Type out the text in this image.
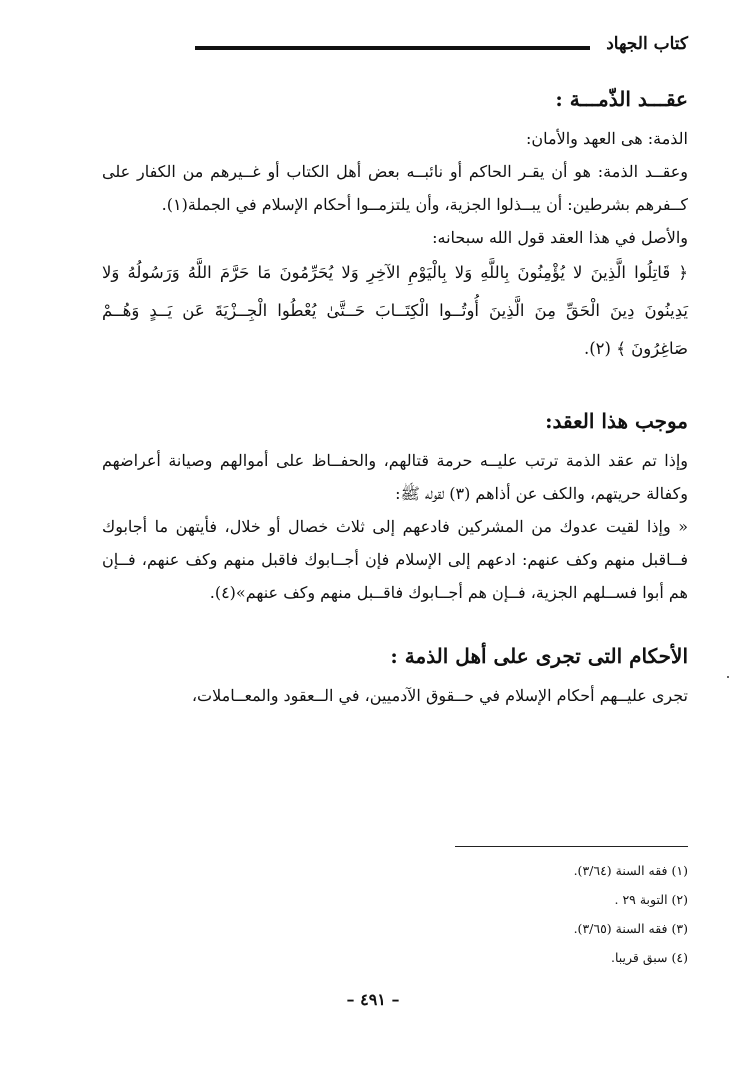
كتاب الجهاد
عقـــد الذّمـــة :

الذمة: هى العهد والأمان:

وعقــد الذمة: هو أن يقـر الحاكم أو نائبــه بعض أهل الكتاب أو غــيرهم من الكفار على كــفرهم بشرطين: أن يبــذلوا الجزية، وأن يلتزمــوا أحكام الإسلام في الجملة(١).

والأصل في هذا العقد قول الله سبحانه:

﴿ قَاتِلُوا الَّذِينَ لا يُؤْمِنُونَ بِاللَّهِ وَلا بِالْيَوْمِ الآخِرِ وَلا يُحَرِّمُونَ مَا حَرَّمَ اللَّهُ وَرَسُولُهُ وَلا يَدِينُونَ دِينَ الْحَقِّ مِنَ الَّذِينَ أُوتُــوا الْكِتَــابَ حَــتَّىٰ يُعْطُوا الْجِــزْيَةَ عَن يَــدٍ وَهُــمْ صَاغِرُونَ ﴾ (٢).

موجب هذا العقد:

وإذا تم عقد الذمة ترتب عليــه حرمة قتالهم، والحفــاظ على أموالهم وصيانة أعراضهم وكفالة حريتهم، والكف عن أذاهم (٣) لقوله ﷺ:

« وإذا لقيت عدوك من المشركين فادعهم إلى ثلاث خصال أو خلال، فأيتهن ما أجابوك فــاقبل منهم وكف عنهم: ادعهم إلى الإسلام فإن أجــابوك فاقبل منهم وكف عنهم، فــإن هم أبوا فســلهم الجزية، فــإن هم أجــابوك فاقــبل منهم وكف عنهم»(٤).

الأحكام التى تجرى على أهل الذمة :

تجرى عليــهم أحكام الإسلام في حــقوق الآدميين، في الــعقود والمعــاملات،

(١) فقه السنة (٣/٦٤).
(٢) التوبة ٢٩ .
(٣) فقه السنة (٣/٦٥).
(٤) سبق قريبا.
– ٤٩١ –
